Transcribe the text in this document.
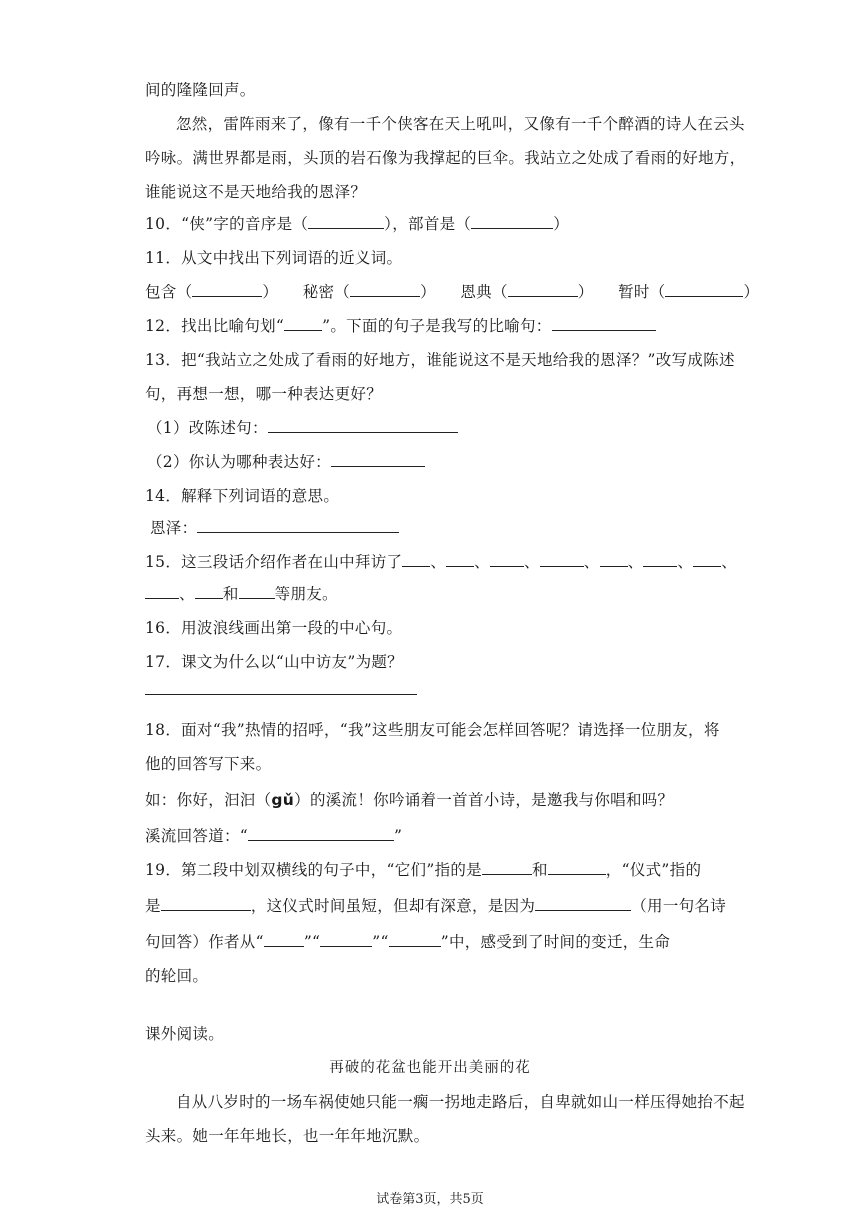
间的隆隆回声。
忽然，雷阵雨来了，像有一千个侠客在天上吼叫，又像有一千个醉酒的诗人在云头
吟咏。满世界都是雨，头顶的岩石像为我撑起的巨伞。我站立之处成了看雨的好地方，
谁能说这不是天地给我的恩泽？
10．“侠”字的音序是（	），部首是（	）
11．从文中找出下列词语的近义词。
包含（	） 秘密（	） 恩典（	） 暂时（	）
12．找出比喻句划“ ”。下面的句子是我写的比喻句：
13．把“我站立之处成了看雨的好地方，谁能说这不是天地给我的恩泽？”改写成陈述
句，再想一想，哪一种表达更好？
（1）改陈述句：
（2）你认为哪种表达好：
14．解释下列词语的意思。
恩泽：
15．这三段话介绍作者在山中拜访了 、 、 、	、 、 、 、
、 和 等朋友。
16．用波浪线画出第一段的中心句。
17．课文为什么以“山中访友”为题？
18．面对“我”热情的招呼，“我”这些朋友可能会怎样回答呢？请选择一位朋友，将
他的回答写下来。
如：你好，汩汩（gǔ）的溪流！你吟诵着一首首小诗，是邀我与你唱和吗？
溪流回答道：“	”
19．第二段中划双横线的句子中，“它们”指的是	和	，“仪式”指的
是	，这仪式时间虽短，但却有深意，是因为	（用一句名诗
句回答）作者从“	”“	”“	”中，感受到了时间的变迁，生命
的轮回。
课外阅读。
再破的花盆也能开出美丽的花
自从八岁时的一场车祸使她只能一瘸一拐地走路后，自卑就如山一样压得她抬不起
头来。她一年年地长，也一年年地沉默。
试卷第3页，共5页
